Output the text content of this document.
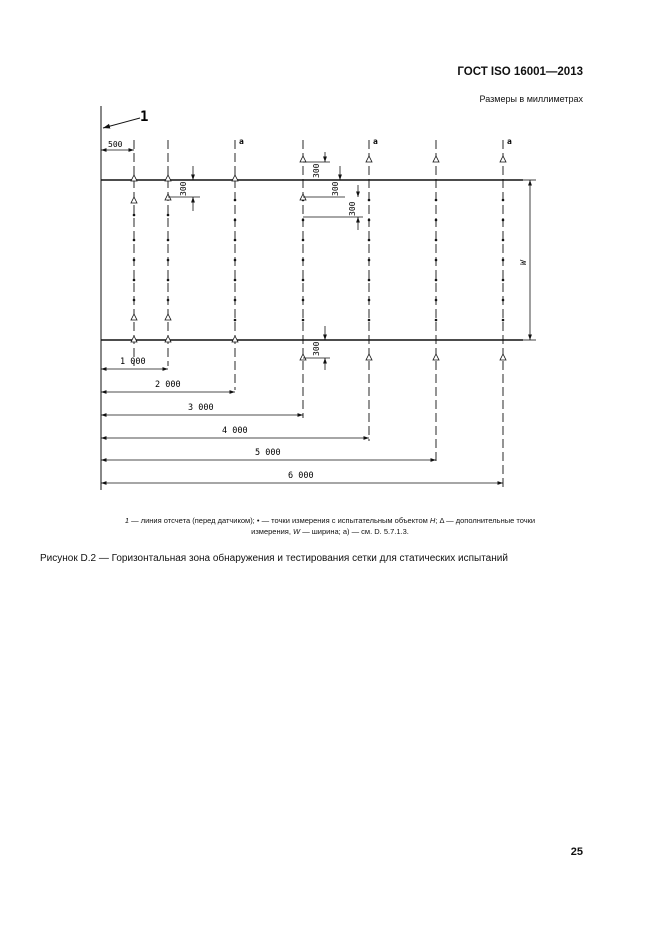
ГОСТ ISO 16001—2013
Размеры в миллиметрах
1
a	a	a
500
300
300
300
300
300
W
1 000
2 000
3 000
4 000
5 000
6 000
1 — линия отсчета (перед датчиком); • — точки измерения с испытательным объектом H; Δ — дополнительные точки
измерения, W — ширина; а) — см. D. 5.7.1.3.
Рисунок D.2 — Горизонтальная зона обнаружения и тестирования сетки для статических испытаний
25
